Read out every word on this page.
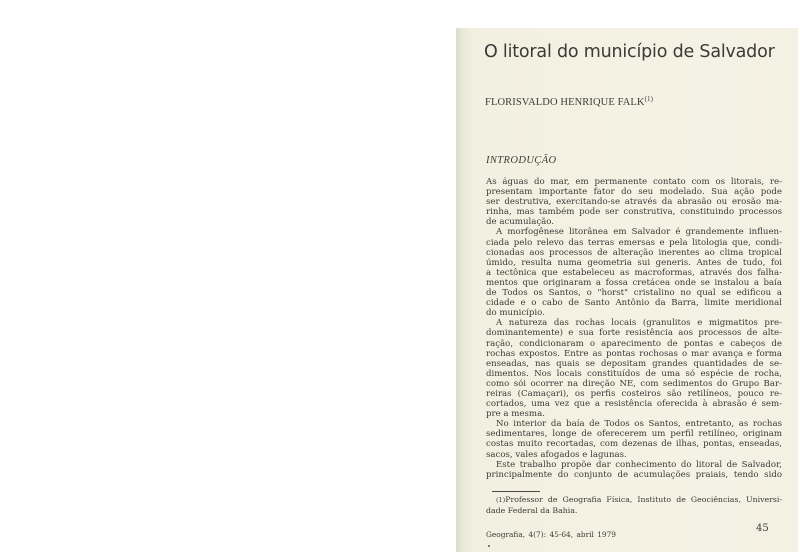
O litoral do município de Salvador
FLORISVALDO HENRIQUE FALK$^{(1)}$
INTRODUÇÃO
As águas do mar, em permanente contato com os litorais, re-
presentam importante fator do seu modelado. Sua ação pode
ser destrutiva, exercitando-se através da abrasão ou erosão ma-
rinha, mas também pode ser construtiva, constituindo processos
de acumulação.
A morfogênese litorânea em Salvador é grandemente influen-
ciada pelo relevo das terras emersas e pela litologia que, condi-
cionadas aos processos de alteração inerentes ao clima tropical
úmido, resulta numa geometria sui generis. Antes de tudo, foi
a tectônica que estabeleceu as macroformas, através dos falha-
mentos que originaram a fossa cretácea onde se instalou a baía
de Todos os Santos, o "horst" cristalino no qual se edificou a
cidade e o cabo de Santo Antônio da Barra, limite meridional
do município.
A natureza das rochas locais (granulitos e migmatitos pre-
dominantemente) e sua forte resistência aos processos de alte-
ração, condicionaram o aparecimento de pontas e cabeços de
rochas expostos. Entre as pontas rochosas o mar avança e forma
enseadas, nas quais se depositam grandes quantidades de se-
dimentos. Nos locais constituídos de uma só espécie de rocha,
como sói ocorrer na direção NE, com sedimentos do Grupo Bar-
reiras (Camaçari), os perfis costeiros são retilíneos, pouco re-
cortados, uma vez que a resistência oferecida à abrasão é sem-
pre a mesma.
No interior da baía de Todos os Santos, entretanto, as rochas
sedimentares, longe de oferecerem um perfil retilíneo, originam
costas muito recortadas, com dezenas de ilhas, pontas, enseadas,
sacos, vales afogados e lagunas.
Este trabalho propõe dar conhecimento do litoral de Salvador,
principalmente do conjunto de acumulações praiais, tendo sido
(1)Professor de Geografia Física, Instituto de Geociências, Universi-
dade Federal da Bahia.
Geografia, 4(7): 45-64, abril 1979
45
